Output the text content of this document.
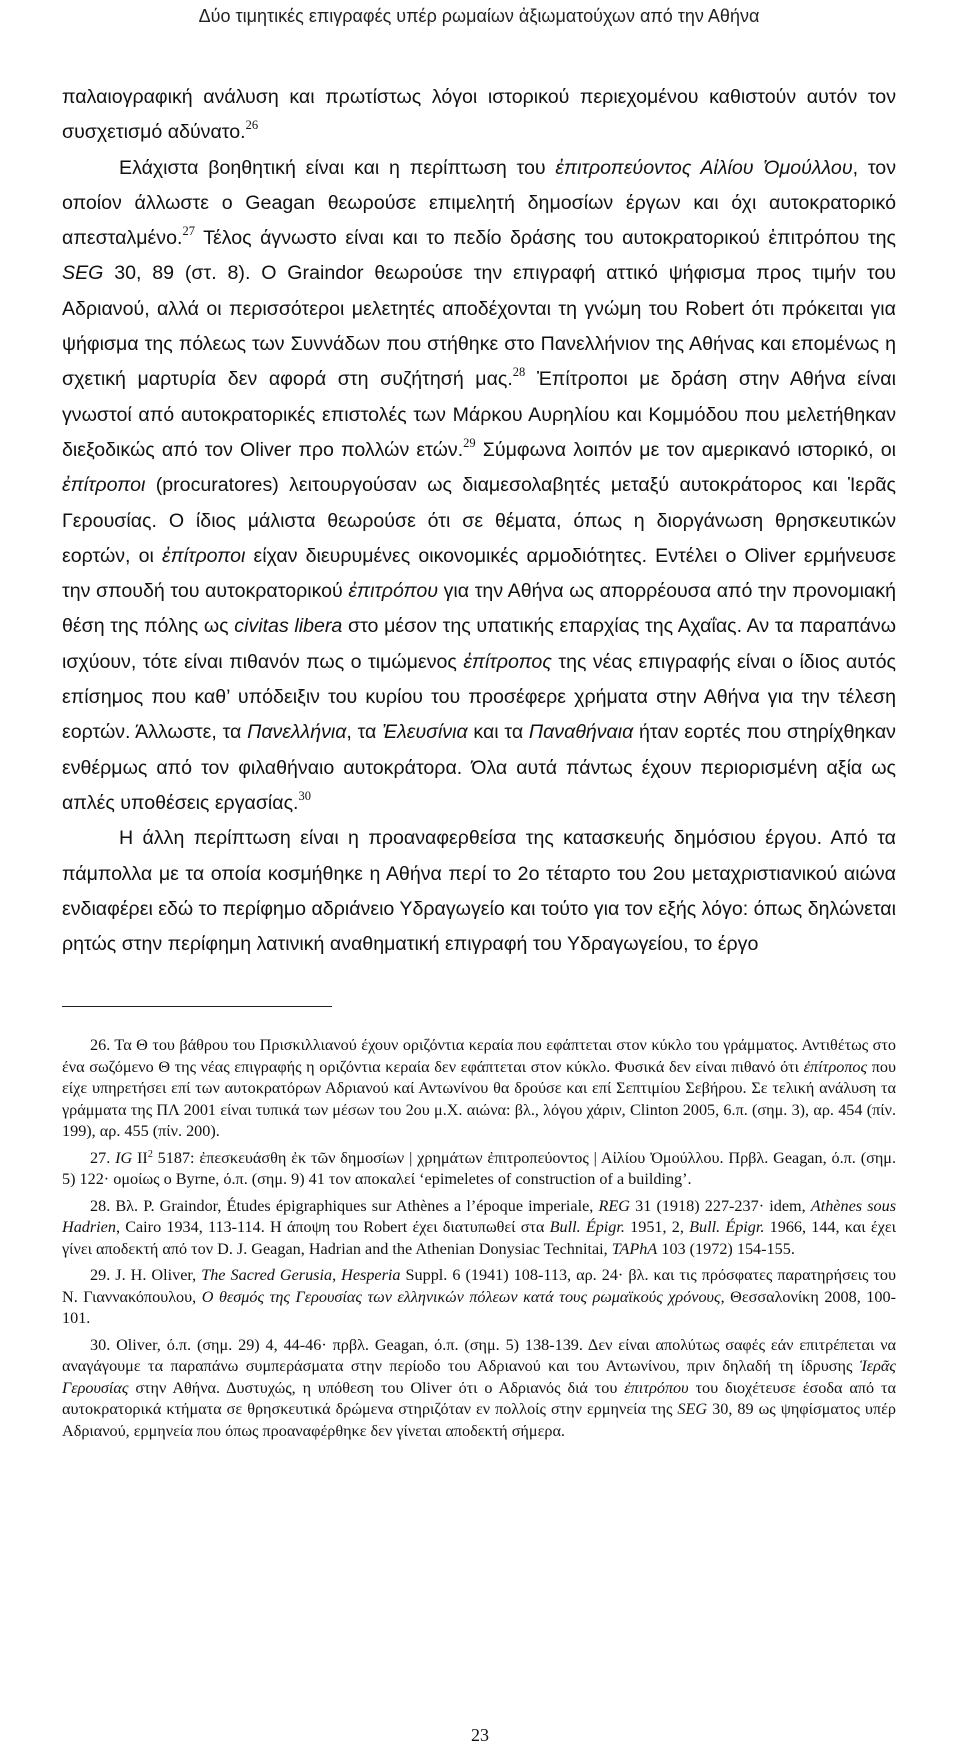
Δύο τιμητικές επιγραφές υπέρ ρωμαίων ἀξιωματούχων από την Αθήνα

παλαιογραφική ανάλυση και πρωτίστως λόγοι ιστορικού περιεχομένου καθιστούν αυτόν τον συσχετισμό αδύνατο.$^{26}$

Ελάχιστα βοηθητική είναι και η περίπτωση του ἐπιτροπεύοντος Αἰλίου Ὁμούλλου, τον οποίον άλλωστε ο Geagan θεωρούσε επιμελητή δημοσίων έργων και όχι αυτοκρατορικό απεσταλμένο.$^{27}$ Τέλος άγνωστο είναι και το πεδίο δράσης του αυτοκρατορικού ἐπιτρόπου της SEG 30, 89 (στ. 8). Ο Graindor θεωρούσε την επιγραφή αττικό ψήφισμα προς τιμήν του Αδριανού, αλλά οι περισσότεροι μελετητές αποδέχονται τη γνώμη του Robert ότι πρόκειται για ψήφισμα της πόλεως των Συννάδων που στήθηκε στο Πανελλήνιον της Αθήνας και επομένως η σχετική μαρτυρία δεν αφορά στη συζήτησή μας.$^{28}$ Ἐπίτροποι με δράση στην Αθήνα είναι γνωστοί από αυτοκρατορικές επιστολές των Μάρκου Αυρηλίου και Κομμόδου που μελετήθηκαν διεξοδικώς από τον Oliver προ πολλών ετών.$^{29}$ Σύμφωνα λοιπόν με τον αμερικανό ιστορικό, οι ἐπίτροποι (procuratores) λειτουργούσαν ως διαμεσολαβητές μεταξύ αυτοκράτορος και Ἱερᾶς Γερουσίας. Ο ίδιος μάλιστα θεωρούσε ότι σε θέματα, όπως η διοργάνωση θρησκευτικών εορτών, οι ἐπίτροποι είχαν διευρυμένες οικονομικές αρμοδιότητες. Εντέλει ο Oliver ερμήνευσε την σπουδή του αυτοκρατορικού ἐπιτρόπου για την Αθήνα ως απορρέουσα από την προνομιακή θέση της πόλης ως civitas libera στο μέσον της υπατικής επαρχίας της Αχαΐας. Αν τα παραπάνω ισχύουν, τότε είναι πιθανόν πως ο τιμώμενος ἐπίτροπος της νέας επιγραφής είναι ο ίδιος αυτός επίσημος που καθ’ υπόδειξιν του κυρίου του προσέφερε χρήματα στην Αθήνα για την τέλεση εορτών. Άλλωστε, τα Πανελλήνια, τα Ἐλευσίνια και τα Παναθήναια ήταν εορτές που στηρίχθηκαν ενθέρμως από τον φιλαθήναιο αυτοκράτορα. Όλα αυτά πάντως έχουν περιορισμένη αξία ως απλές υποθέσεις εργασίας.$^{30}$

Η άλλη περίπτωση είναι η προαναφερθείσα της κατασκευής δημόσιου έργου. Από τα πάμπολλα με τα οποία κοσμήθηκε η Αθήνα περί το 2ο τέταρτο του 2ου μεταχριστιανικού αιώνα ενδιαφέρει εδώ το περίφημο αδριάνειο Υδραγωγείο και τούτο για τον εξής λόγο: όπως δηλώνεται ρητώς στην περίφημη λατινική αναθηματική επιγραφή του Υδραγωγείου, το έργο

26. Τα Θ του βάθρου του Πρισκιλλιανού έχουν οριζόντια κεραία που εφάπτεται στον κύκλο του γράμματος. Αντιθέτως στο ένα σωζόμενο Θ της νέας επιγραφής η οριζόντια κεραία δεν εφάπτεται στον κύκλο. Φυσικά δεν είναι πιθανό ότι ἐπίτροπος που είχε υπηρετήσει επί των αυτοκρατόρων Αδριανού καί Αντωνίνου θα δρούσε και επί Σεπτιμίου Σεβήρου. Σε τελική ανάλυση τα γράμματα της ΠΛ 2001 είναι τυπικά των μέσων του 2ου μ.Χ. αιώνα: βλ., λόγου χάριν, Clinton 2005, 6.π. (σημ. 3), αρ. 454 (πίν. 199), αρ. 455 (πίν. 200).

27. IG $II^2$ 5187: ἐπεσκευάσθη ἐκ τῶν δημοσίων | χρημάτων ἐπιτροπεύοντος | Αἰλίου Ὀμούλλου. Πρβλ. Geagan, ό.π. (σημ. 5) 122· ομοίως ο Byrne, ό.π. (σημ. 9) 41 τον αποκαλεί ‘epimeletes of construction of a building’.

28. Βλ. P. Graindor, Études épigraphiques sur Athènes a l’époque imperiale, REG 31 (1918) 227-237· idem, Athènes sous Hadrien, Cairo 1934, 113-114. Η άποψη του Robert έχει διατυπωθεί στα Bull. Épigr. 1951, 2, Bull. Épigr. 1966, 144, και έχει γίνει αποδεκτή από τον D. J. Geagan, Hadrian and the Athenian Donysiac Technitai, TAPhA 103 (1972) 154-155.

29. J. H. Oliver, The Sacred Gerusia, Hesperia Suppl. 6 (1941) 108-113, αρ. 24· βλ. και τις πρόσφατες παρατηρήσεις του Ν. Γιαννακόπουλου, Ο θεσμός της Γερουσίας των ελληνικών πόλεων κατά τους ρωμαϊκούς χρόνους, Θεσσαλονίκη 2008, 100-101.

30. Oliver, ό.π. (σημ. 29) 4, 44-46· πρβλ. Geagan, ό.π. (σημ. 5) 138-139. Δεν είναι απολύτως σαφές εάν επιτρέπεται να αναγάγουμε τα παραπάνω συμπεράσματα στην περίοδο του Αδριανού και του Αντωνίνου, πριν δηλαδή τη ίδρυσης Ἱερᾶς Γερουσίας στην Αθήνα. Δυστυχώς, η υπόθεση του Oliver ότι ο Αδριανός διά του ἐπιτρόπου του διοχέτευσε έσοδα από τα αυτοκρατορικά κτήματα σε θρησκευτικά δρώμενα στηριζόταν εν πολλοίς στην ερμηνεία της SEG 30, 89 ως ψηφίσματος υπέρ Αδριανού, ερμηνεία που όπως προαναφέρθηκε δεν γίνεται αποδεκτή σήμερα.

23
